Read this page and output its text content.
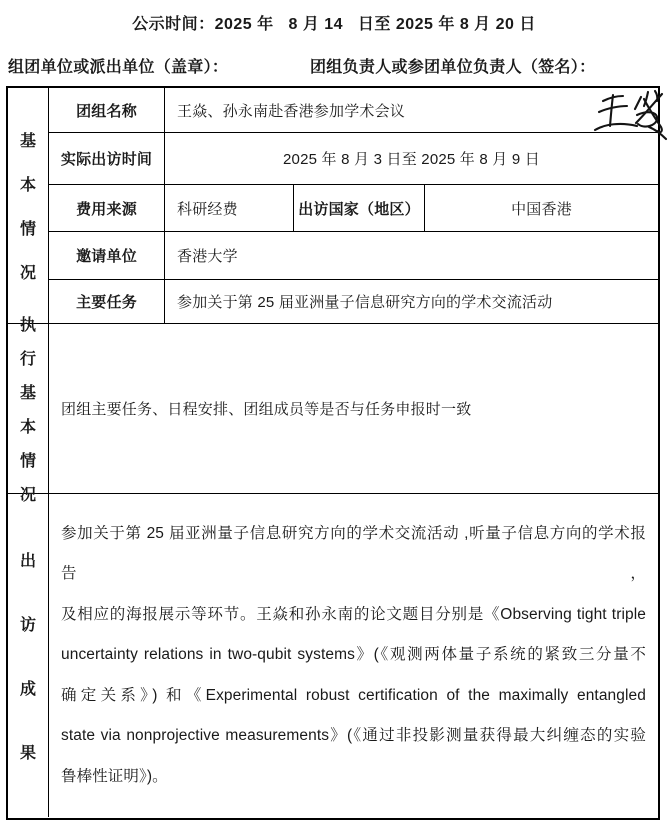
公示时间：2025 年   8 月 14   日至 2025 年 8 月 20 日
组团单位或派出单位（盖章）：	团组负责人或参团单位负责人（签名）：
基
本
情
况
团组名称	王焱、孙永南赴香港参加学术会议
实际出访时间	2025 年 8 月 3 日至 2025 年 8 月 9 日
费用来源	科研经费	出访国家（地区）	中国香港
邀请单位	香港大学
主要任务	参加关于第 25 届亚洲量子信息研究方向的学术交流活动
执
行
基
本
情
况
团组主要任务、日程安排、团组成员等是否与任务申报时一致
出
访
成
果
参加关于第 25 届亚洲量子信息研究方向的学术交流活动 ,听量子信息方向的学术报告，
及相应的海报展示等环节。王焱和孙永南的论文题目分别是《Observing tight triple
uncertainty relations in two-qubit systems》(《观测两体量子系统的紧致三分量不
确定关系》) 和《Experimental robust certification of the maximally entangled
state via nonprojective measurements》(《通过非投影测量获得最大纠缠态的实验
鲁棒性证明》)。
